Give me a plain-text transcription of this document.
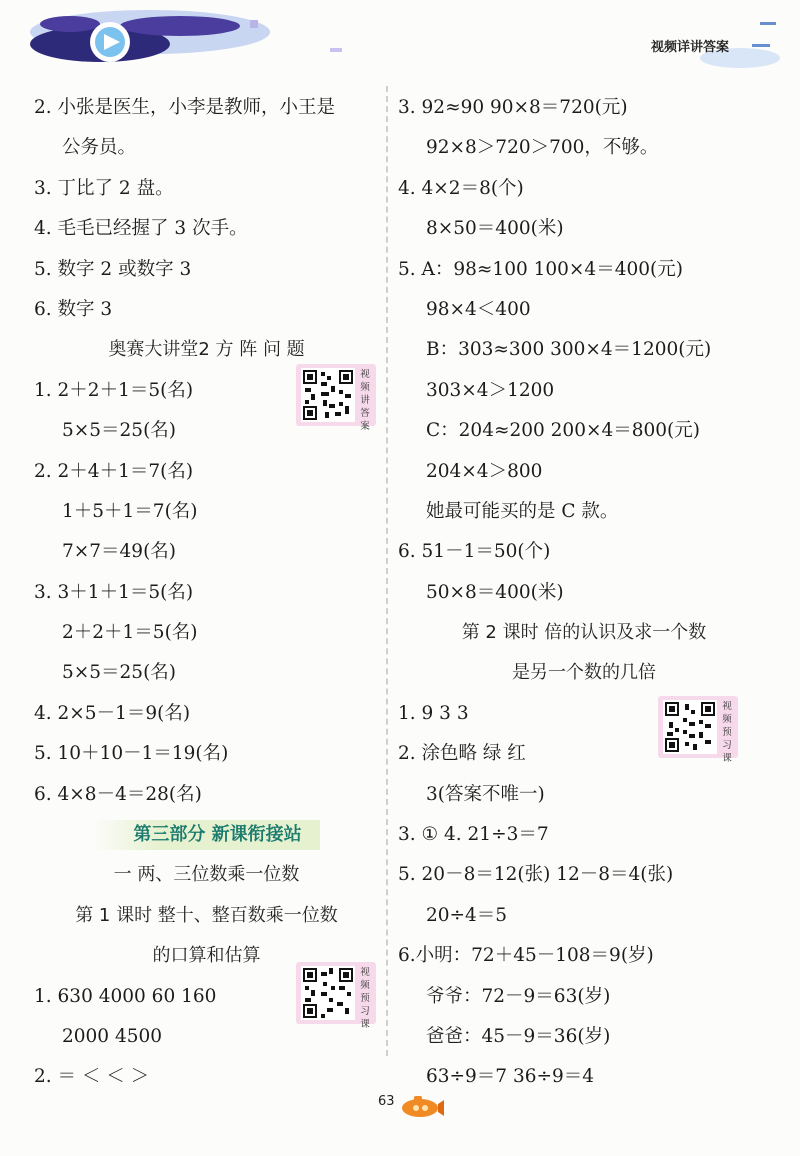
视频详讲答案
2. 小张是医生，小李是教师，小王是
公务员。
3. 丁比了 2 盘。
4. 毛毛已经握了 3 次手。
5. 数字 2 或数字 3
6. 数字 3
奥赛大讲堂2 方 阵 问 题
1. 2＋2＋1＝5(名)
5×5＝25(名)
2. 2＋4＋1＝7(名)
1＋5＋1＝7(名)
7×7＝49(名)
3. 3＋1＋1＝5(名)
2＋2＋1＝5(名)
5×5＝25(名)
4. 2×5－1＝9(名)
5. 10＋10－1＝19(名)
6. 4×8－4＝28(名)
第三部分 新课衔接站
一 两、三位数乘一位数
第 1 课时 整十、整百数乘一位数
的口算和估算
1. 630 4000 60 160
2000 4500
2. ＝ ＜ ＜ ＞
3. 92≈90 90×8＝720(元)
92×8＞720＞700，不够。
4. 4×2＝8(个)
8×50＝400(米)
5. A：98≈100 100×4＝400(元)
98×4＜400
B：303≈300 300×4＝1200(元)
303×4＞1200
C：204≈200 200×4＝800(元)
204×4＞800
她最可能买的是 C 款。
6. 51－1＝50(个)
50×8＝400(米)
第 2 课时 倍的认识及求一个数
是另一个数的几倍
1. 9 3 3
2. 涂色略 绿 红
3(答案不唯一)
3. ① 4. 21÷3＝7
5. 20－8＝12(张) 12－8＝4(张)
20÷4＝5
6.小明：72＋45－108＝9(岁)
爷爷：72－9＝63(岁)
爸爸：45－9＝36(岁)
63÷9＝7 36÷9＝4
视频讲答案
视频预习课
视频预习课
63
